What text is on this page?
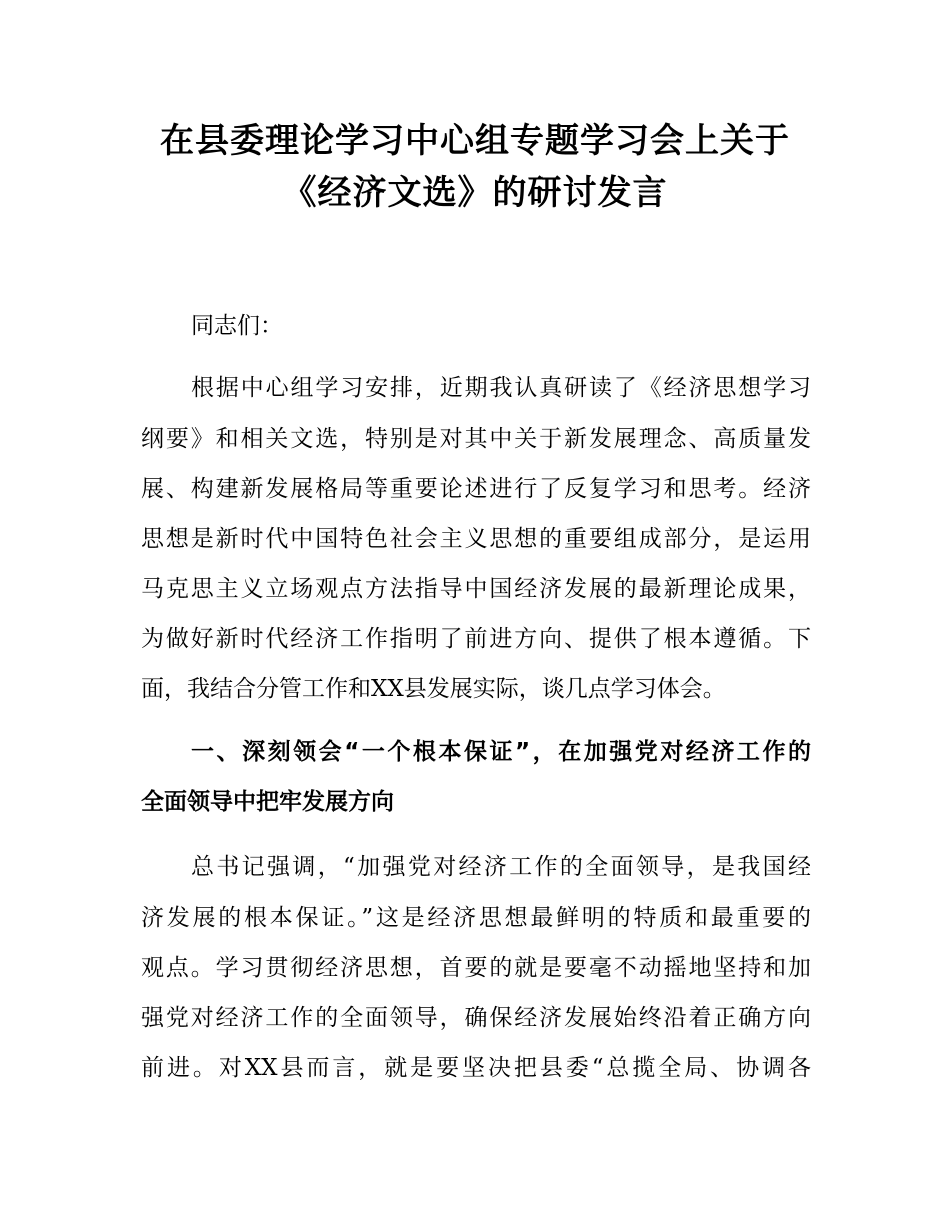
在县委理论学习中心组专题学习会上关于
《经济文选》的研讨发言

同志们：

根据中心组学习安排，近期我认真研读了《经济思想学习

纲要》和相关文选，特别是对其中关于新发展理念、高质量发

展、构建新发展格局等重要论述进行了反复学习和思考。经济

思想是新时代中国特色社会主义思想的重要组成部分，是运用

马克思主义立场观点方法指导中国经济发展的最新理论成果，

为做好新时代经济工作指明了前进方向、提供了根本遵循。下

面，我结合分管工作和XX县发展实际，谈几点学习体会。

一、深刻领会“一个根本保证”，在加强党对经济工作的

全面领导中把牢发展方向

总书记强调，“加强党对经济工作的全面领导，是我国经

济发展的根本保证。”这是经济思想最鲜明的特质和最重要的

观点。学习贯彻经济思想，首要的就是要毫不动摇地坚持和加

强党对经济工作的全面领导，确保经济发展始终沿着正确方向

前进。对XX县而言，就是要坚决把县委“总揽全局、协调各
